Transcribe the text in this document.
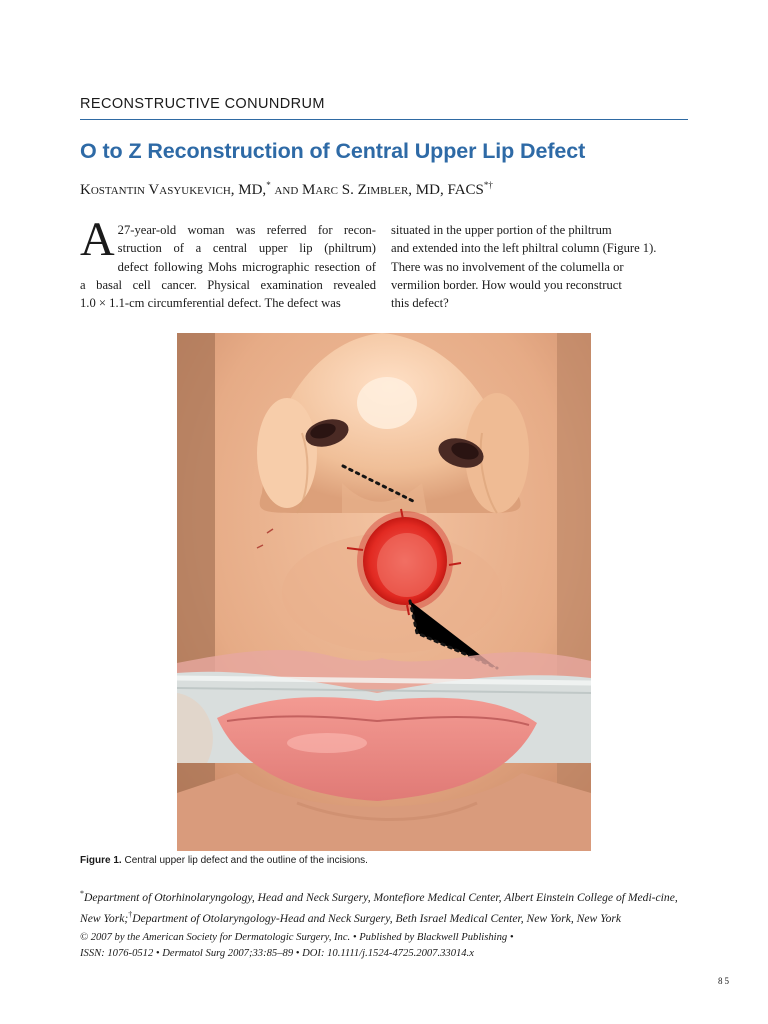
RECONSTRUCTIVE CONUNDRUM
O to Z Reconstruction of Central Upper Lip Defect
Kostantin Vasyukevich, MD,* and Marc S. Zimbler, MD, FACS*†
A 27-year-old woman was referred for recon-
struction of a central upper lip (philtrum)
defect following Mohs micrographic resection of
a basal cell cancer. Physical examination revealed
1.0 × 1.1-cm circumferential defect. The defect was
situated in the upper portion of the philtrum
and extended into the left philtral column (Figure 1).
There was no involvement of the columella or
vermilion border. How would you reconstruct
this defect?
Figure 1. Central upper lip defect and the outline of the incisions.
*Department of Otorhinolaryngology, Head and Neck Surgery, Montefiore Medical Center, Albert Einstein College of Medi-cine, New York;†Department of Otolaryngology-Head and Neck Surgery, Beth Israel Medical Center, New York, New York
© 2007 by the American Society for Dermatologic Surgery, Inc. • Published by Blackwell Publishing •
ISSN: 1076-0512 • Dermatol Surg 2007;33:85–89 • DOI: 10.1111/j.1524-4725.2007.33014.x
85
